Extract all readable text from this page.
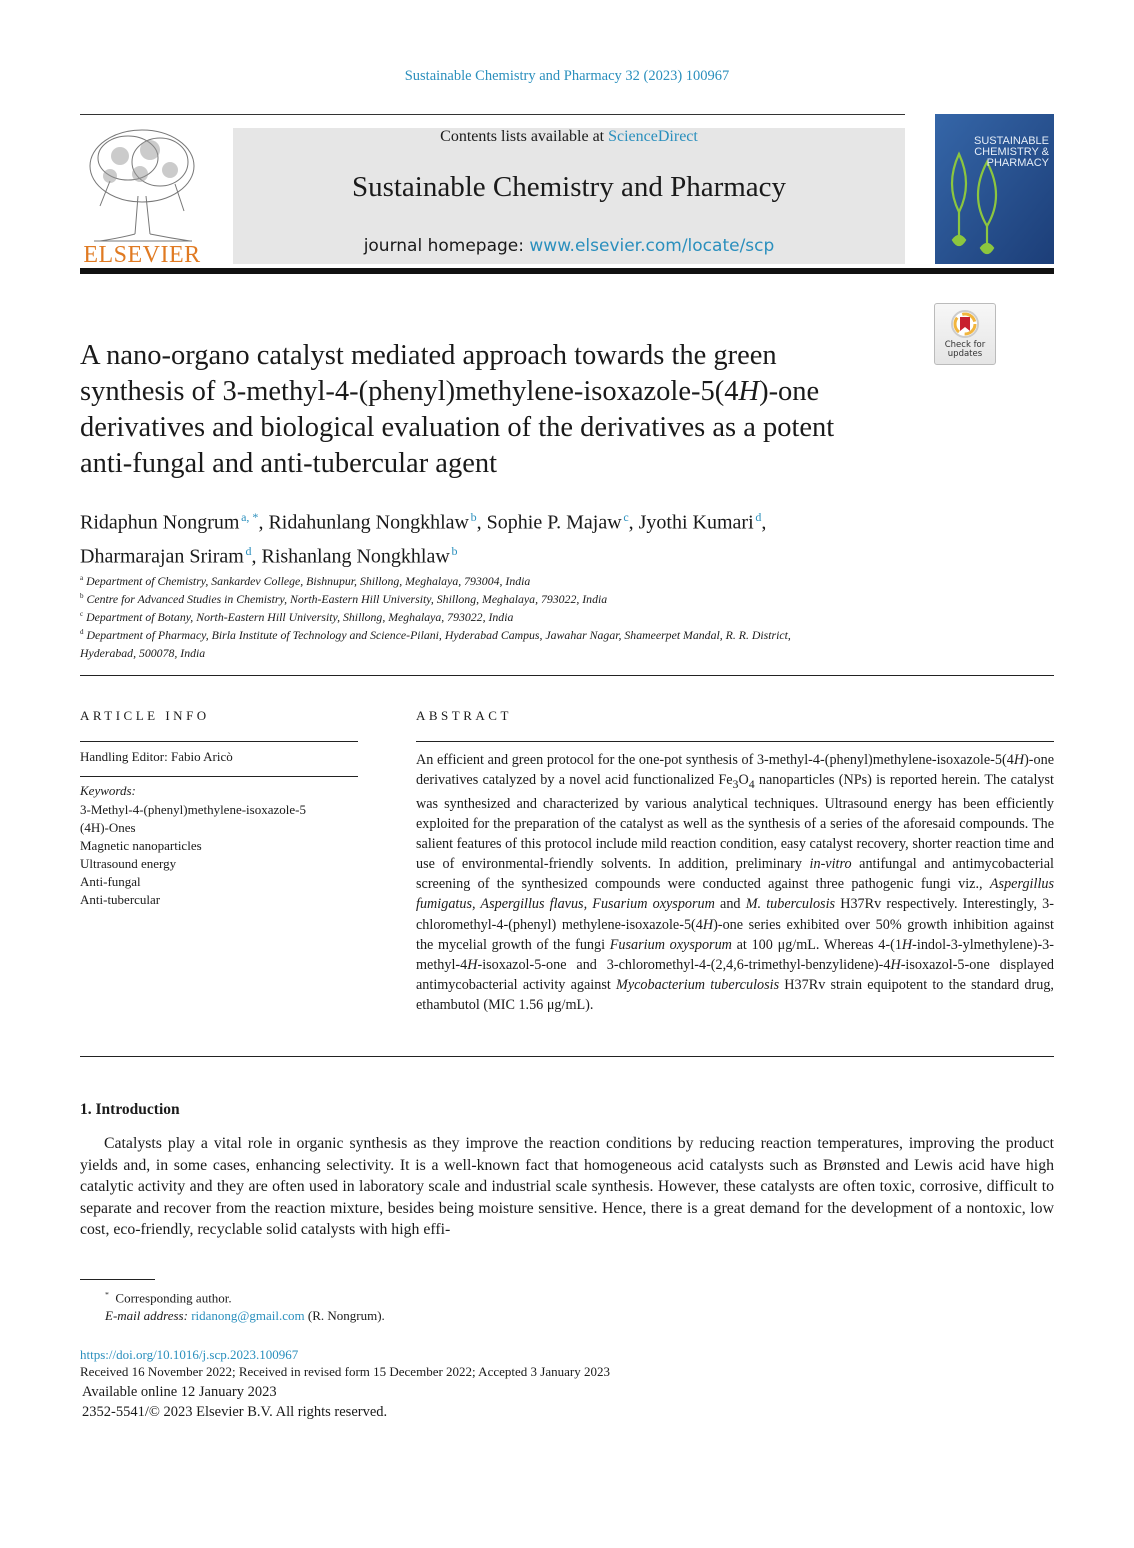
Sustainable Chemistry and Pharmacy 32 (2023) 100967
ELSEVIER
Contents lists available at ScienceDirect
Sustainable Chemistry and Pharmacy
journal homepage: www.elsevier.com/locate/scp
SUSTAINABLE CHEMISTRY & PHARMACY
Check for updates
A nano-organo catalyst mediated approach towards the green
synthesis of 3-methyl-4-(phenyl)methylene-isoxazole-5(4H)-one
derivatives and biological evaluation of the derivatives as a potent
anti-fungal and anti-tubercular agent
Ridaphun Nongrum  $^{a, *}$, Ridahunlang Nongkhlaw  $^b$, Sophie P. Majaw  $^c$, Jyothi Kumari  $^d$,
Dharmarajan Sriram  $^d$, Rishanlang Nongkhlaw  $^b$
$^a$ Department of Chemistry, Sankardev College, Bishnupur, Shillong, Meghalaya, 793004, India
$^b$ Centre for Advanced Studies in Chemistry, North-Eastern Hill University, Shillong, Meghalaya, 793022, India
$^c$ Department of Botany, North-Eastern Hill University, Shillong, Meghalaya, 793022, India
$^d$ Department of Pharmacy, Birla Institute of Technology and Science-Pilani, Hyderabad Campus, Jawahar Nagar, Shameerpet Mandal, R. R. District,
Hyderabad, 500078, India
ARTICLE INFO	ABSTRACT
Handling Editor: Fabio Aricò
Keywords:
3-Methyl-4-(phenyl)methylene-isoxazole-5
(4H)-Ones
Magnetic nanoparticles
Ultrasound energy
Anti-fungal
Anti-tubercular
An efficient and green protocol for the one-pot synthesis of 3-methyl-4-(phenyl)methylene-isoxazole-5(4H)-one derivatives catalyzed by a novel acid functionalized $Fe_3O_4$ nanoparticles (NPs) is reported herein. The catalyst was synthesized and characterized by various analytical techniques. Ultrasound energy has been efficiently exploited for the preparation of the catalyst as well as the synthesis of a series of the aforesaid compounds. The salient features of this protocol include mild reaction condition, easy catalyst recovery, shorter reaction time and use of environmental-friendly solvents. In addition, preliminary in-vitro antifungal and antimycobacterial screening of the synthesized compounds were conducted against three pathogenic fungi viz., Aspergillus fumigatus, Aspergillus flavus, Fusarium oxysporum and M. tuberculosis H37Rv respectively. Interestingly, 3-chloromethyl-4-(phenyl) methylene-isoxazole-5(4H)-one series exhibited over 50% growth inhibition against the mycelial growth of the fungi Fusarium oxysporum at 100 μg/mL. Whereas 4-(1H-indol-3-ylmethylene)-3-methyl-4H-isoxazol-5-one and 3-chloromethyl-4-(2,4,6-trimethyl-benzylidene)-4H-isoxazol-5-one displayed antimycobacterial activity against Mycobacterium tuberculosis H37Rv strain equipotent to the standard drug, ethambutol (MIC 1.56 μg/mL).
1. Introduction
Catalysts play a vital role in organic synthesis as they improve the reaction conditions by reducing reaction temperatures, improving the product yields and, in some cases, enhancing selectivity. It is a well-known fact that homogeneous acid catalysts such as Brønsted and Lewis acid have high catalytic activity and they are often used in laboratory scale and industrial scale synthesis. However, these catalysts are often toxic, corrosive, difficult to separate and recover from the reaction mixture, besides being moisture sensitive. Hence, there is a great demand for the development of a nontoxic, low cost, eco-friendly, recyclable solid catalysts with high effi-
* Corresponding author.
E-mail address: ridanong@gmail.com (R. Nongrum).
https://doi.org/10.1016/j.scp.2023.100967
Received 16 November 2022; Received in revised form 15 December 2022; Accepted 3 January 2023
Available online 12 January 2023
2352-5541/© 2023 Elsevier B.V. All rights reserved.
